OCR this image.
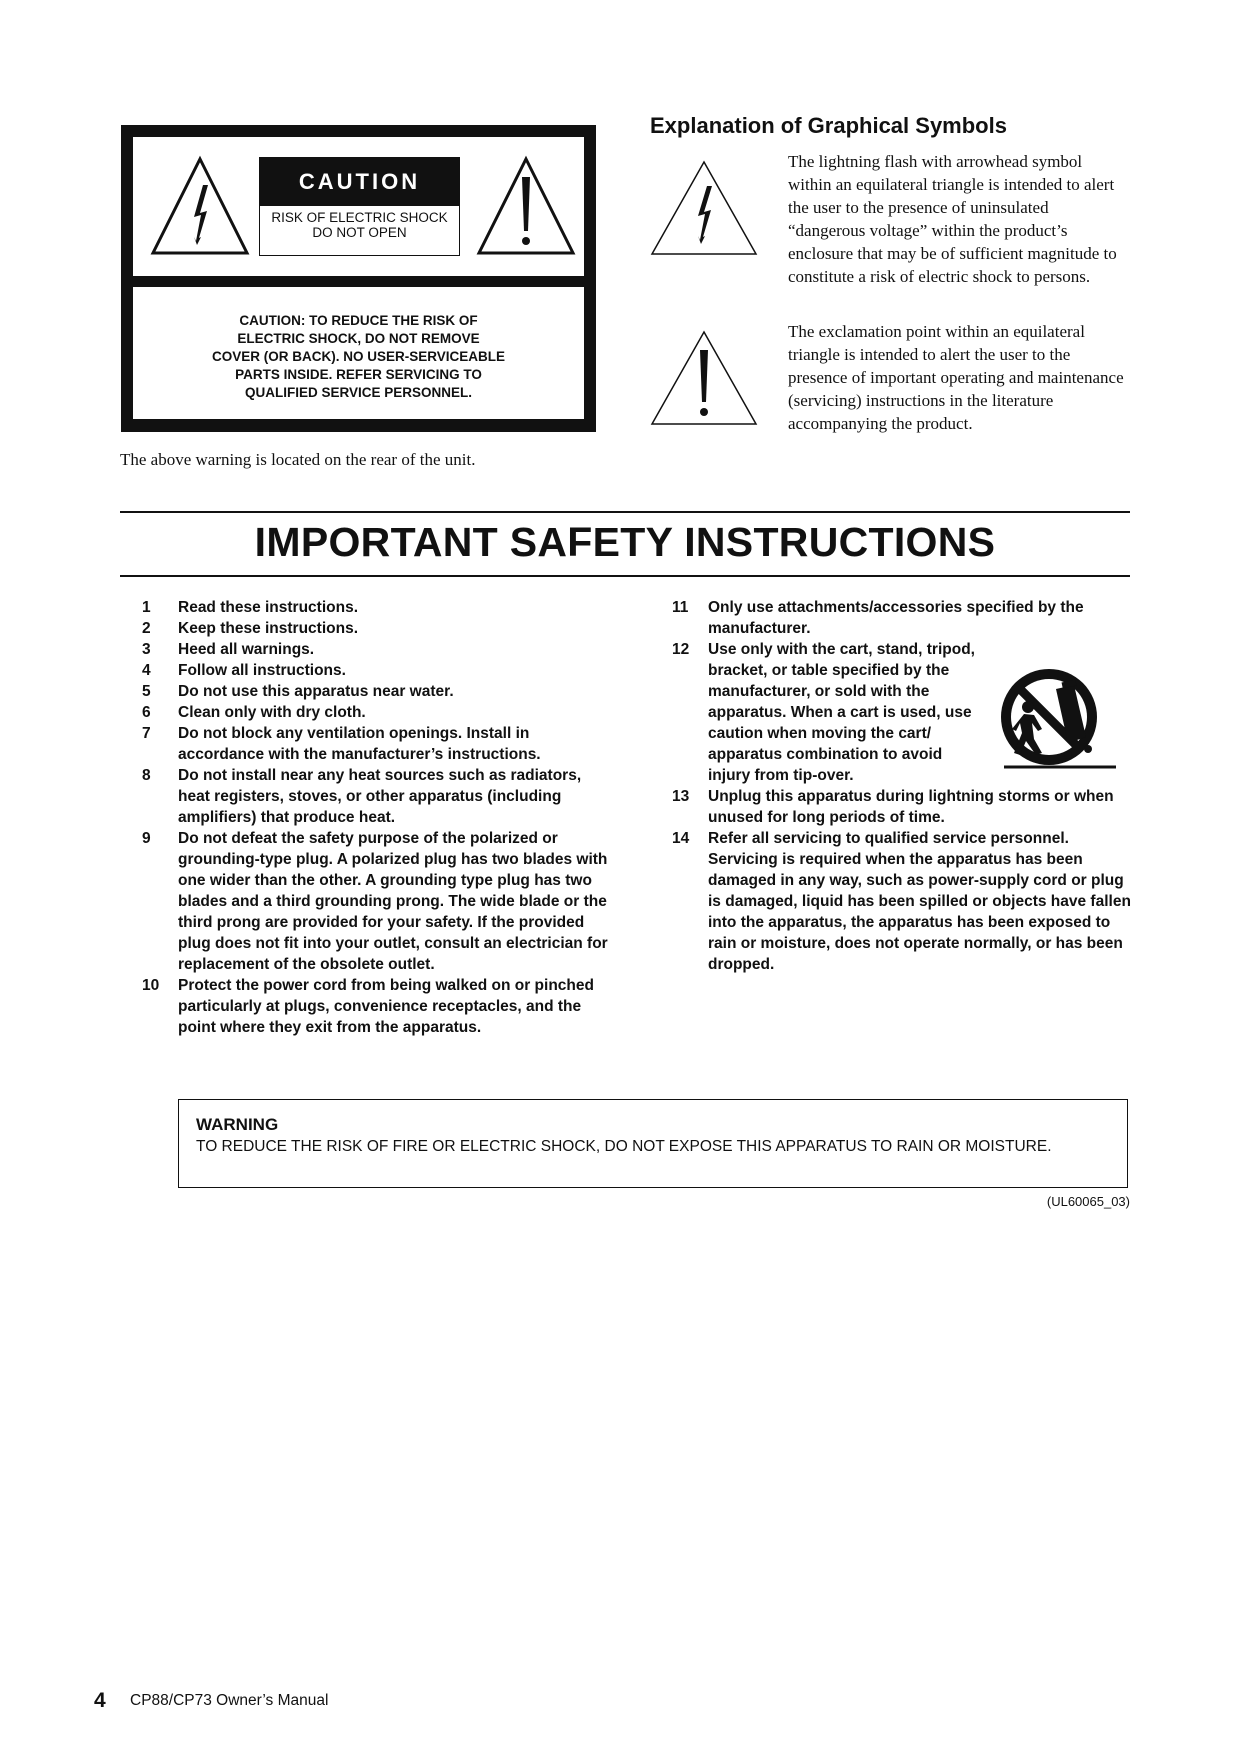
CAUTION
RISK OF ELECTRIC SHOCK
DO NOT OPEN
CAUTION: TO REDUCE THE RISK OF
ELECTRIC SHOCK, DO NOT REMOVE
COVER (OR BACK). NO USER-SERVICEABLE
PARTS INSIDE. REFER SERVICING TO
QUALIFIED SERVICE PERSONNEL.
The above warning is located on the rear of the unit.
Explanation of Graphical Symbols
The lightning flash with arrowhead symbol within an equilateral triangle is intended to alert the user to the presence of uninsulated “dangerous voltage” within the product’s enclosure that may be of sufficient magnitude to constitute a risk of electric shock to persons.
The exclamation point within an equilateral triangle is intended to alert the user to the presence of important operating and maintenance (servicing) instructions in the literature accompanying the product.
IMPORTANT SAFETY INSTRUCTIONS
1 Read these instructions.
2 Keep these instructions.
3 Heed all warnings.
4 Follow all instructions.
5 Do not use this apparatus near water.
6 Clean only with dry cloth.
7 Do not block any ventilation openings. Install in accordance with the manufacturer’s instructions.
8 Do not install near any heat sources such as radiators, heat registers, stoves, or other apparatus (including amplifiers) that produce heat.
9 Do not defeat the safety purpose of the polarized or grounding-type plug. A polarized plug has two blades with one wider than the other. A grounding type plug has two blades and a third grounding prong. The wide blade or the third prong are provided for your safety. If the provided plug does not fit into your outlet, consult an electrician for replacement of the obsolete outlet.
10 Protect the power cord from being walked on or pinched particularly at plugs, convenience receptacles, and the point where they exit from the apparatus.
11 Only use attachments/accessories specified by the manufacturer.
12 Use only with the cart, stand, tripod, bracket, or table specified by the manufacturer, or sold with the apparatus. When a cart is used, use caution when moving the cart/ apparatus combination to avoid injury from tip-over.
13 Unplug this apparatus during lightning storms or when unused for long periods of time.
14 Refer all servicing to qualified service personnel. Servicing is required when the apparatus has been damaged in any way, such as power-supply cord or plug is damaged, liquid has been spilled or objects have fallen into the apparatus, the apparatus has been exposed to rain or moisture, does not operate normally, or has been dropped.
WARNING
TO REDUCE THE RISK OF FIRE OR ELECTRIC SHOCK, DO NOT EXPOSE THIS APPARATUS TO RAIN OR MOISTURE.
(UL60065_03)
4 CP88/CP73 Owner’s Manual
